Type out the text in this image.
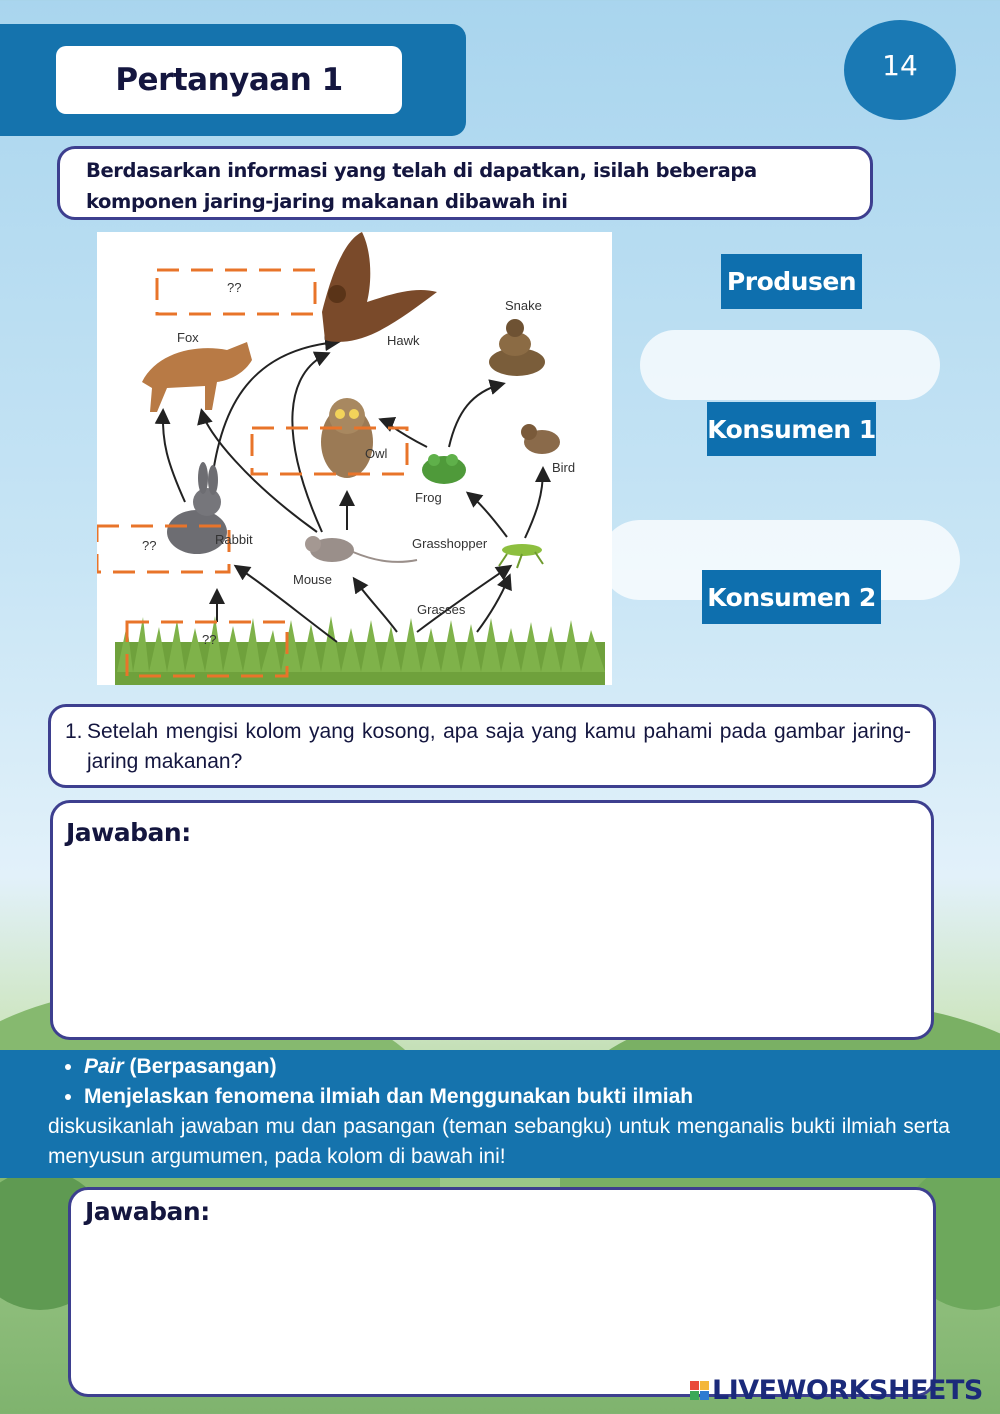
Pertanyaan 1	14
Berdasarkan informasi yang telah di dapatkan, isilah beberapa komponen jaring-jaring makanan dibawah ini
??
??
??
Fox	Hawk
Snake
Owl
Bird
Frog
Rabbit	Grasshopper
Mouse
Grasses
Produsen
Konsumen 1
Konsumen 2
1. Setelah mengisi kolom yang kosong, apa saja yang kamu pahami pada gambar jaring-jaring makanan?
Jawaban:
• Pair (Berpasangan)
• Menjelaskan fenomena ilmiah dan Menggunakan bukti ilmiah
diskusikanlah jawaban mu dan pasangan (teman sebangku) untuk menganalis bukti ilmiah serta menyusun argumumen, pada kolom di bawah ini!
Jawaban:
LIVEWORKSHEETS
